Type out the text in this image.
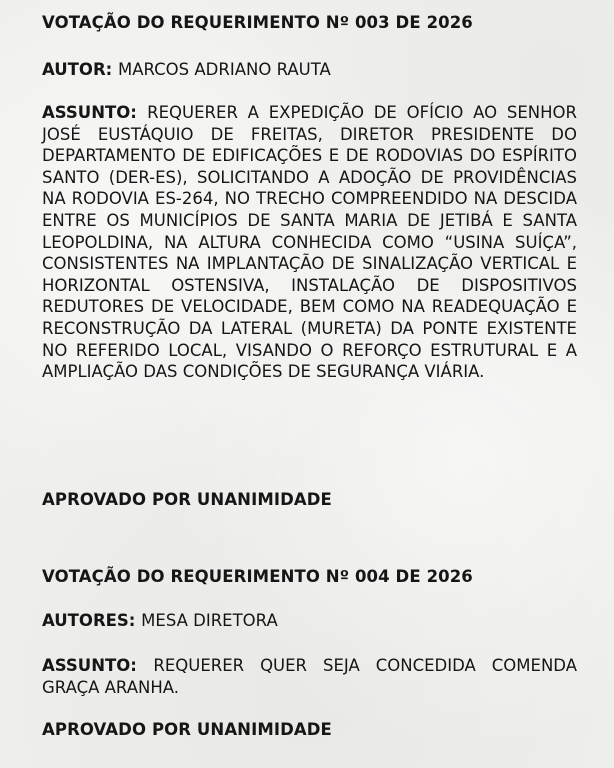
VOTAÇÃO DO REQUERIMENTO Nº 003 DE 2026
AUTOR: MARCOS ADRIANO RAUTA
ASSUNTO: REQUERER A EXPEDIÇÃO DE OFÍCIO AO SENHOR JOSÉ EUSTÁQUIO DE FREITAS, DIRETOR PRESIDENTE DO DEPARTAMENTO DE EDIFICAÇÕES E DE RODOVIAS DO ESPÍRITO SANTO (DER-ES), SOLICITANDO A ADOÇÃO DE PROVIDÊNCIAS NA RODOVIA ES-264, NO TRECHO COMPREENDIDO NA DESCIDA ENTRE OS MUNICÍPIOS DE SANTA MARIA DE JETIBÁ E SANTA LEOPOLDINA, NA ALTURA CONHECIDA COMO “USINA SUÍÇA”, CONSISTENTES NA IMPLANTAÇÃO DE SINALIZAÇÃO VERTICAL E HORIZONTAL OSTENSIVA, INSTALAÇÃO DE DISPOSITIVOS REDUTORES DE VELOCIDADE, BEM COMO NA READEQUAÇÃO E RECONSTRUÇÃO DA LATERAL (MURETA) DA PONTE EXISTENTE NO REFERIDO LOCAL, VISANDO O REFORÇO ESTRUTURAL E A AMPLIAÇÃO DAS CONDIÇÕES DE SEGURANÇA VIÁRIA.
APROVADO POR UNANIMIDADE
VOTAÇÃO DO REQUERIMENTO Nº 004 DE 2026
AUTORES: MESA DIRETORA
ASSUNTO: REQUERER QUER SEJA CONCEDIDA COMENDA GRAÇA ARANHA.
APROVADO POR UNANIMIDADE
